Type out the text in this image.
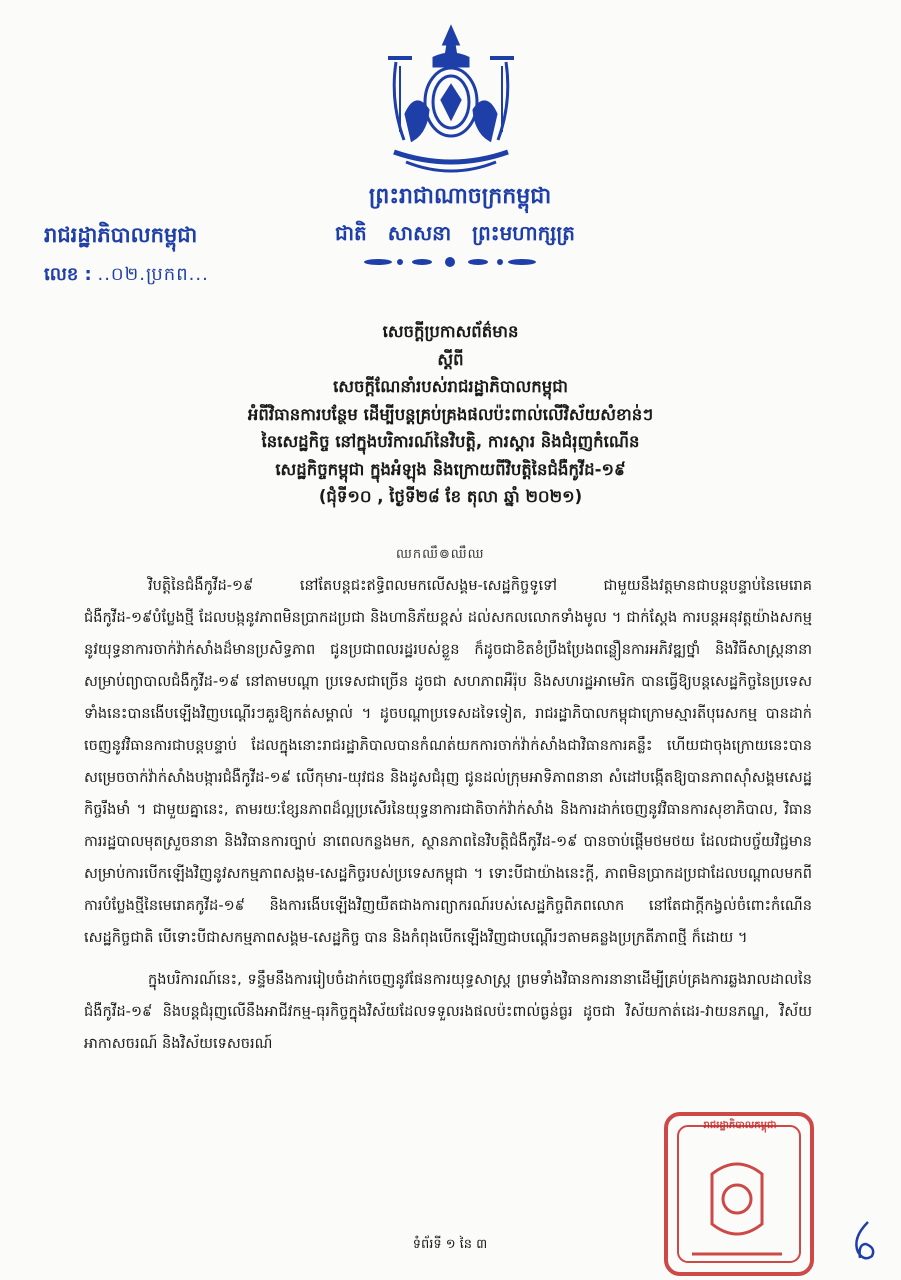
ព្រះរាជាណាចក្រកម្ពុជា
ជាតិ សាសនា ព្រះមហាក្សត្រ
រាជរដ្ឋាភិបាលកម្ពុជា
លេខ : ..០២.ប្រកព...
សេចក្តីប្រកាសព័ត៌មាន
ស្តីពី
សេចក្តីណែនាំរបស់រាជរដ្ឋាភិបាលកម្ពុជា
អំពីវិធានការបន្ថែម ដើម្បីបន្តគ្រប់គ្រងផលប៉ះពាល់លើវិស័យសំខាន់ៗ
នៃសេដ្ឋកិច្ច នៅក្នុងបរិការណ៍នៃវិបត្តិ, ការស្តារ និងជំរុញកំណើន
សេដ្ឋកិច្ចកម្ពុជា ក្នុងអំឡុង និងក្រោយពីវិបត្តិនៃជំងឺកូវីដ-១៩
(ជុំទី១០ , ថ្ងៃទី២៨ ខែ តុលា ឆ្នាំ ២០២១)
ឈកឈឹ៙ឈឹឈ

វិបត្តិនៃជំងឺកូវីដ-១៩ នៅតែបន្តជះឥទ្ធិពលមកលើសង្គម-សេដ្ឋកិច្ចទូទៅ ជាមួយនឹងវត្តមានជាបន្តបន្ទាប់នៃមេរោគជំងឺកូវីដ-១៩បំប្លែងថ្មី ដែលបង្កនូវភាពមិនប្រាកដប្រជា និងហានិភ័យខ្ពស់ ដល់សកលលោកទាំងមូល ។ ជាក់ស្តែង ការបន្តអនុវត្តយ៉ាងសកម្មនូវយុទ្ធនាការចាក់វ៉ាក់សាំងដ៏មានប្រសិទ្ធភាព ជូនប្រជាពលរដ្ឋរបស់ខ្លួន ក៏ដូចជាខិតខំប្រឹងប្រែងពន្លឿនការអភិវឌ្ឍថ្នាំ និងវិធីសាស្ត្រនានាសម្រាប់ព្យាបាលជំងឺកូវីដ-១៩ នៅតាមបណ្តា ប្រទេសជាច្រើន ដូចជា សហភាពអឺរ៉ុប និងសហរដ្ឋអាមេរិក បានធ្វើឱ្យបន្តសេដ្ឋកិច្ចនៃប្រទេសទាំងនេះបានងើបឡើងវិញបណ្តើរៗគួរឱ្យកត់សម្គាល់ ។ ដូចបណ្តាប្រទេសដទៃទៀត, រាជរដ្ឋាភិបាលកម្ពុជាក្រោមស្មារតីបុរេសកម្ម បានដាក់ចេញនូវវិធានការជាបន្តបន្ទាប់ ដែលក្នុងនោះរាជរដ្ឋាភិបាលបានកំណត់យកការចាក់វ៉ាក់សាំងជាវិធានការគន្លឹះ ហើយជាចុងក្រោយនេះបានសម្រេចចាក់វ៉ាក់សាំងបង្ការជំងឺកូវីដ-១៩ លើកុមារ-យុវជន និងដូសជំរុញ ជូនដល់ក្រុមអាទិភាពនានា សំដៅបង្កើតឱ្យបានភាពស៊ាំសង្គមសេដ្ឋកិច្ចរឹងមាំ ។ ជាមួយគ្នានេះ, តាមរយៈខ្សែនភាពដ៏ល្អប្រសើរនៃយុទ្ធនាការជាតិចាក់វ៉ាក់សាំង និងការដាក់ចេញនូវវិធានការសុខាភិបាល, វិធានការរដ្ឋបាលមុតស្រួចនានា និងវិធានការច្បាប់ នាពេលកន្លងមក, ស្ថានភាពនៃវិបត្តិជំងឺកូវីដ-១៩ បានចាប់ផ្តើមថមថយ ដែលជាបច្ច័យវិជ្ជមានសម្រាប់ការបើកឡើងវិញនូវសកម្មភាពសង្គម-សេដ្ឋកិច្ចរបស់ប្រទេសកម្ពុជា ។ ទោះបីជាយ៉ាងនេះក្តី, ភាពមិនប្រាកដប្រជាដែលបណ្តាលមកពីការបំប្លែងថ្មីនៃមេរោគកូវីដ-១៩ និងការងើបឡើងវិញយឺតជាងការព្យាករណ៍របស់សេដ្ឋកិច្ចពិភពលោក នៅតែជាក្តីកង្វល់ចំពោះកំណើនសេដ្ឋកិច្ចជាតិ បើទោះបីជាសកម្មភាពសង្គម-សេដ្ឋកិច្ច បាន និងកំពុងបើកឡើងវិញជាបណ្តើរៗតាមគន្លងប្រក្រតីភាពថ្មី ក៏ដោយ ។

ក្នុងបរិការណ៍នេះ, ទន្ទឹមនឹងការរៀបចំដាក់ចេញនូវផែនការយុទ្ធសាស្ត្រ ព្រមទាំងវិធានការនានាដើម្បីគ្រប់គ្រងការឆ្លងរាលដាលនៃជំងឺកូវីដ-១៩ និងបន្តជំរុញលើនឹងអាជីវកម្ម-ធុរកិច្ចក្នុងវិស័យដែលទទួលរងផលប៉ះពាល់ធ្ងន់ធ្ងរ ដូចជា វិស័យកាត់ដេរ-វាយនភណ្ឌ, វិស័យអាកាសចរណ៍ និងវិស័យទេសចរណ៍

រាជរដ្ឋាភិបាលកម្ពុជា
ទំព័រទី ១ នៃ ៣
